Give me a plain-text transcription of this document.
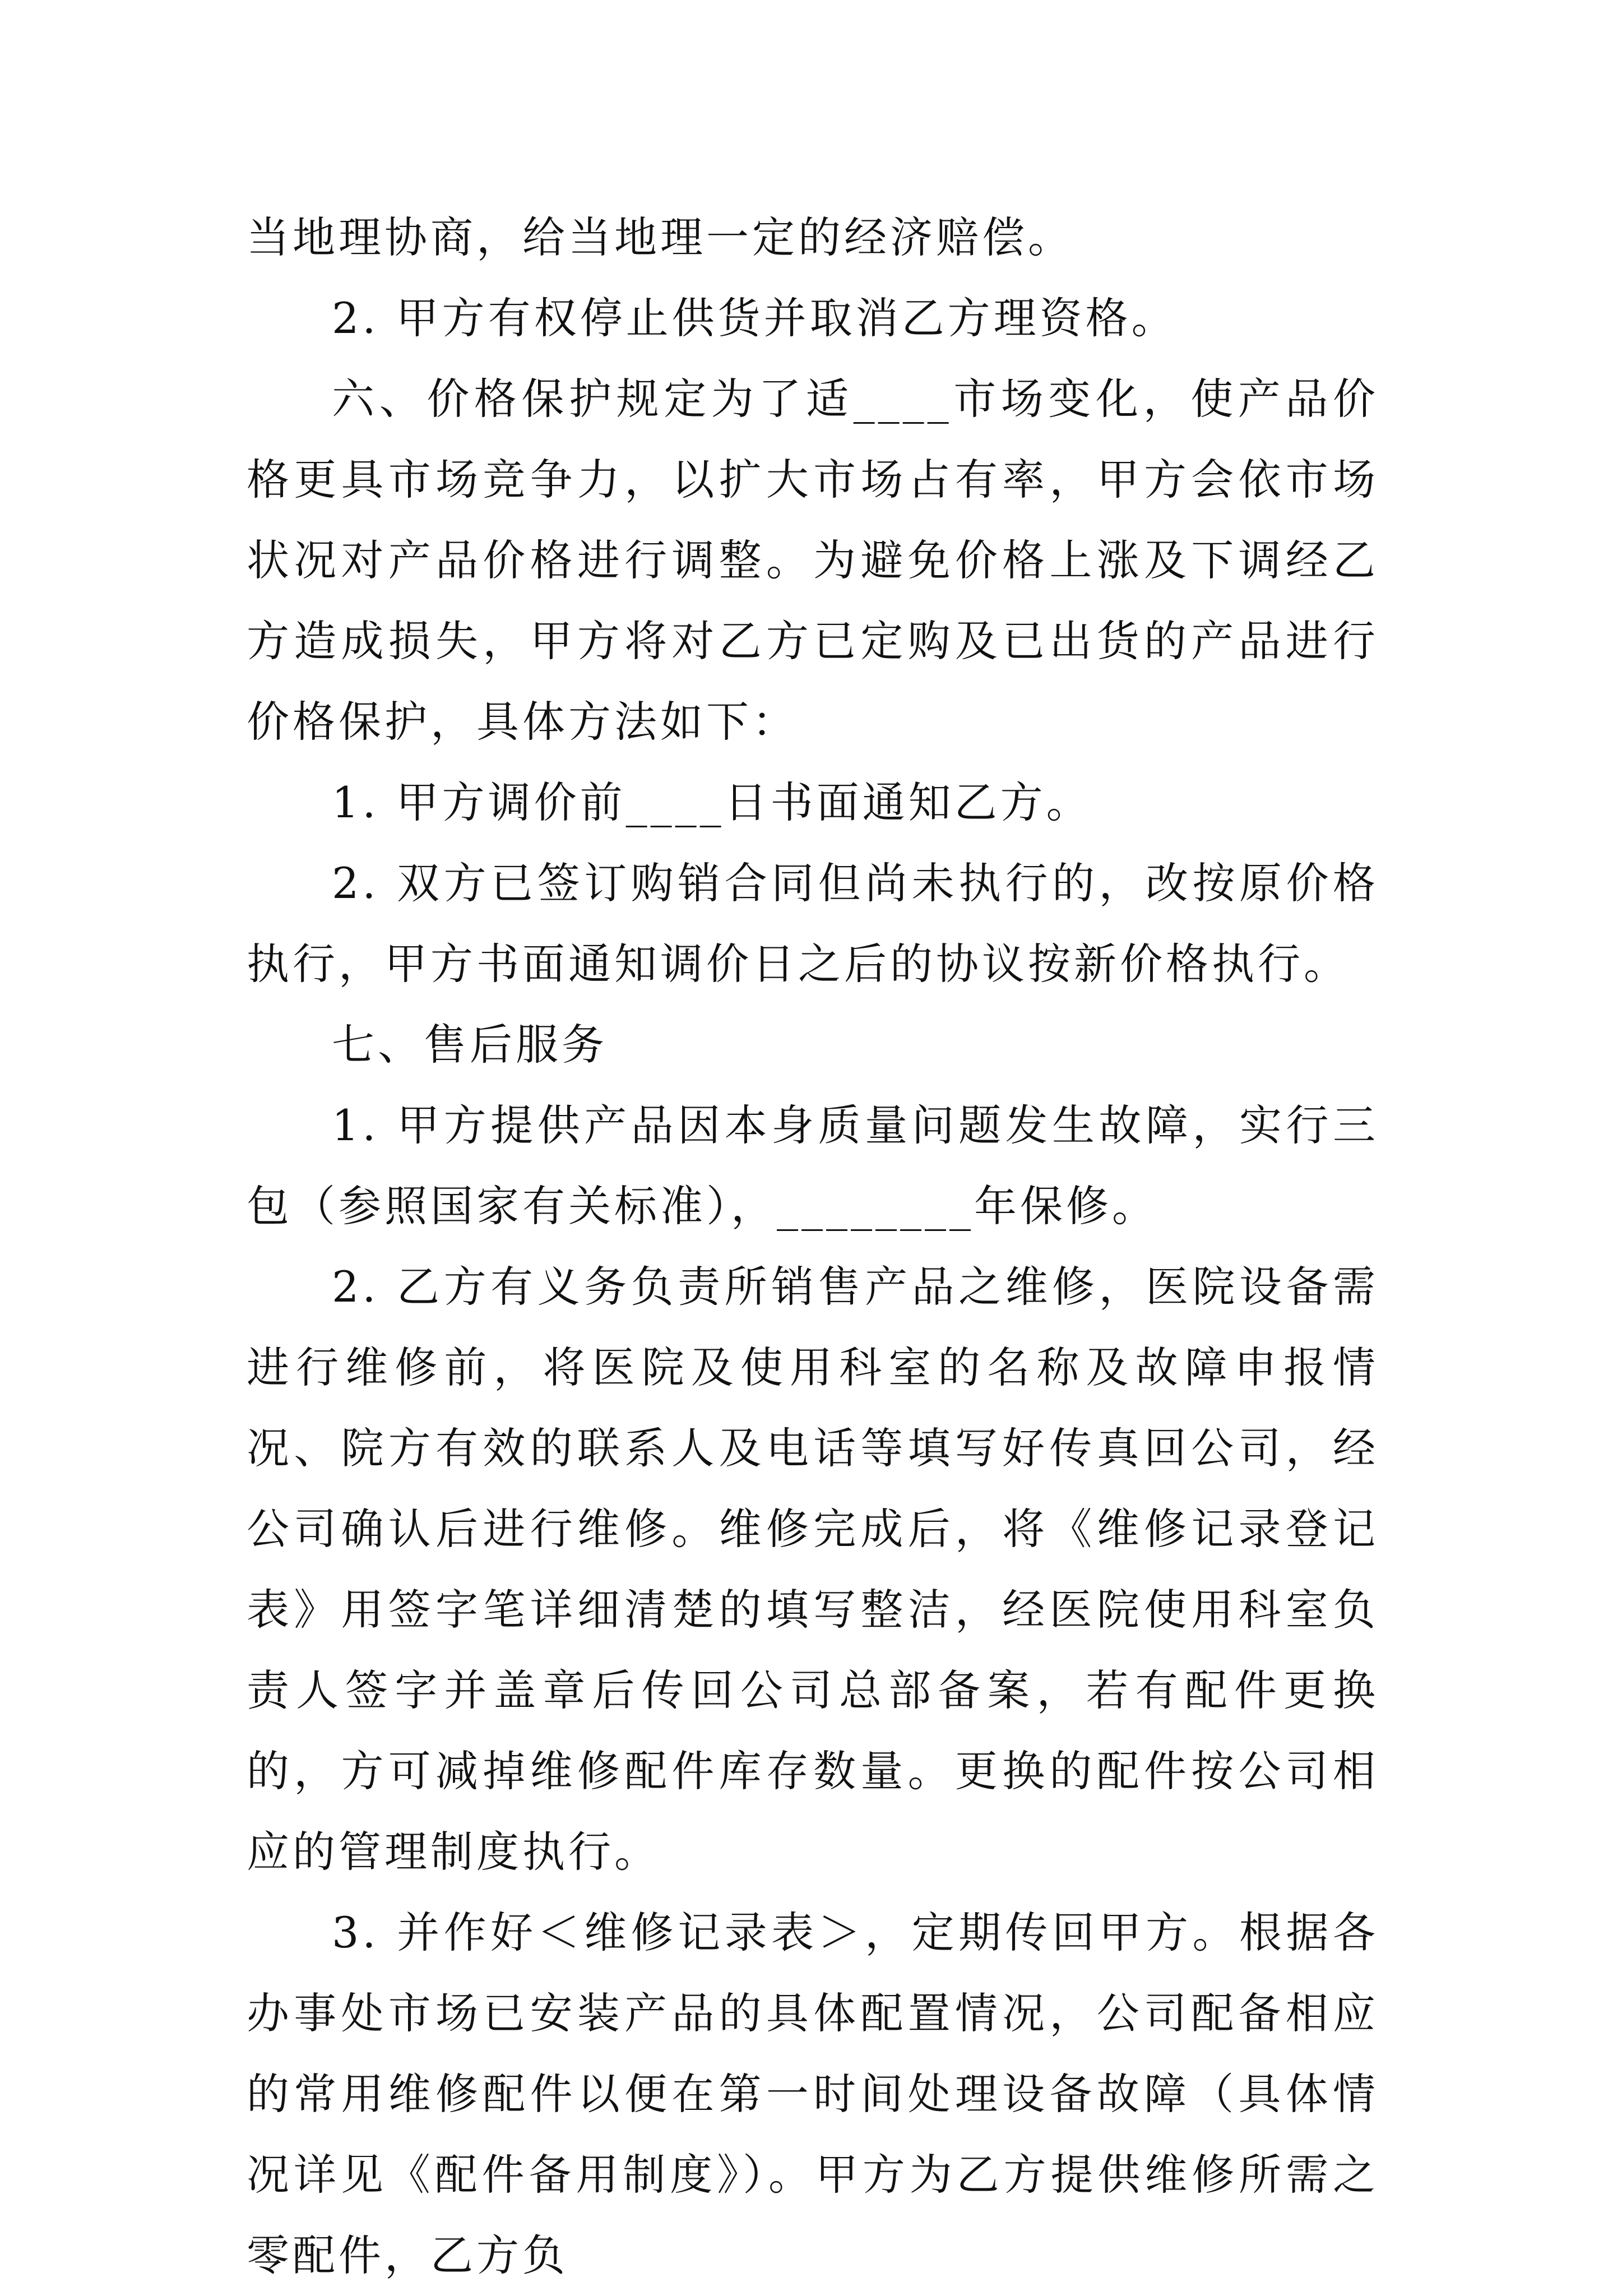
当地理协商，给当地理一定的经济赔偿。

2. 甲方有权停止供货并取消乙方理资格。

六、价格保护规定为了适____市场变化，使产品价格更具市场竞争力，以扩大市场占有率，甲方会依市场状况对产品价格进行调整。为避免价格上涨及下调经乙方造成损失，甲方将对乙方已定购及已出货的产品进行价格保护，具体方法如下：

1. 甲方调价前____日书面通知乙方。

2. 双方已签订购销合同但尚未执行的，改按原价格执行，甲方书面通知调价日之后的协议按新价格执行。

七、售后服务

1. 甲方提供产品因本身质量问题发生故障，实行三包（参照国家有关标准），________年保修。

2. 乙方有义务负责所销售产品之维修，医院设备需进行维修前，将医院及使用科室的名称及故障申报情况、院方有效的联系人及电话等填写好传真回公司，经公司确认后进行维修。维修完成后，将《维修记录登记表》用签字笔详细清楚的填写整洁，经医院使用科室负责人签字并盖章后传回公司总部备案，若有配件更换的，方可减掉维修配件库存数量。更换的配件按公司相应的管理制度执行。

3. 并作好＜维修记录表＞，定期传回甲方。根据各办事处市场已安装产品的具体配置情况，公司配备相应的常用维修配件以便在第一时间处理设备故障（具体情况详见《配件备用制度》）。甲方为乙方提供维修所需之零配件，乙方负
